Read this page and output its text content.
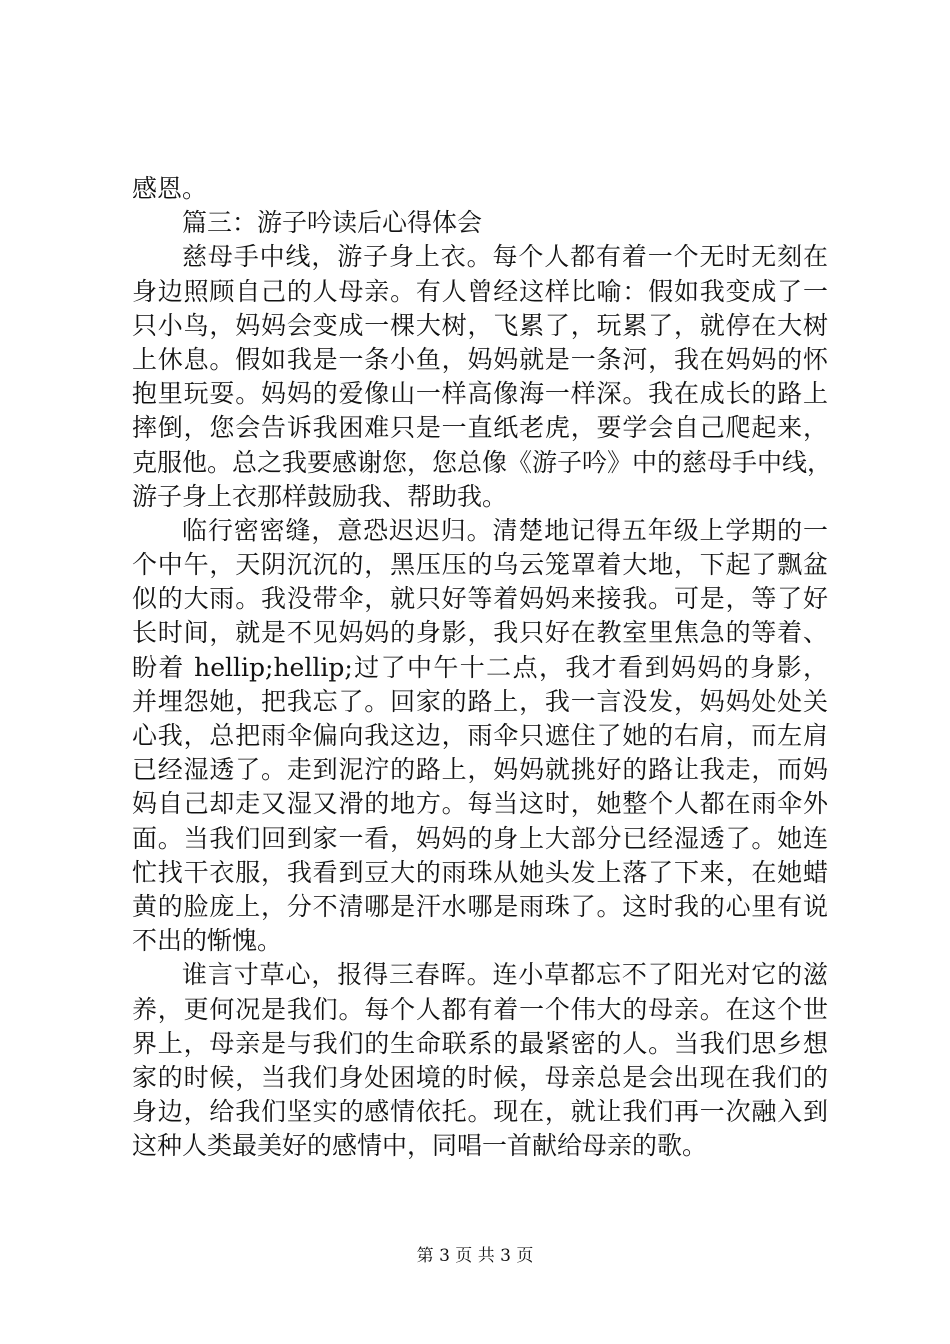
感恩。
篇三：游子吟读后心得体会
慈母手中线，游子身上衣。每个人都有着一个无时无刻在
身边照顾自己的人母亲。有人曾经这样比喻：假如我变成了一
只小鸟，妈妈会变成一棵大树，飞累了，玩累了，就停在大树
上休息。假如我是一条小鱼，妈妈就是一条河，我在妈妈的怀
抱里玩耍。妈妈的爱像山一样高像海一样深。我在成长的路上
摔倒，您会告诉我困难只是一直纸老虎，要学会自己爬起来，
克服他。总之我要感谢您，您总像《游子吟》中的慈母手中线，
游子身上衣那样鼓励我、帮助我。
临行密密缝，意恐迟迟归。清楚地记得五年级上学期的一
个中午，天阴沉沉的，黑压压的乌云笼罩着大地，下起了飘盆
似的大雨。我没带伞，就只好等着妈妈来接我。可是，等了好
长时间，就是不见妈妈的身影，我只好在教室里焦急的等着、
盼着 hellip;hellip;过了中午十二点，我才看到妈妈的身影，
并埋怨她，把我忘了。回家的路上，我一言没发，妈妈处处关
心我，总把雨伞偏向我这边，雨伞只遮住了她的右肩，而左肩
已经湿透了。走到泥泞的路上，妈妈就挑好的路让我走，而妈
妈自己却走又湿又滑的地方。每当这时，她整个人都在雨伞外
面。当我们回到家一看，妈妈的身上大部分已经湿透了。她连
忙找干衣服，我看到豆大的雨珠从她头发上落了下来，在她蜡
黄的脸庞上，分不清哪是汗水哪是雨珠了。这时我的心里有说
不出的惭愧。
谁言寸草心，报得三春晖。连小草都忘不了阳光对它的滋
养，更何况是我们。每个人都有着一个伟大的母亲。在这个世
界上，母亲是与我们的生命联系的最紧密的人。当我们思乡想
家的时候，当我们身处困境的时候，母亲总是会出现在我们的
身边，给我们坚实的感情依托。现在，就让我们再一次融入到
这种人类最美好的感情中，同唱一首献给母亲的歌。
第 3 页 共 3 页
